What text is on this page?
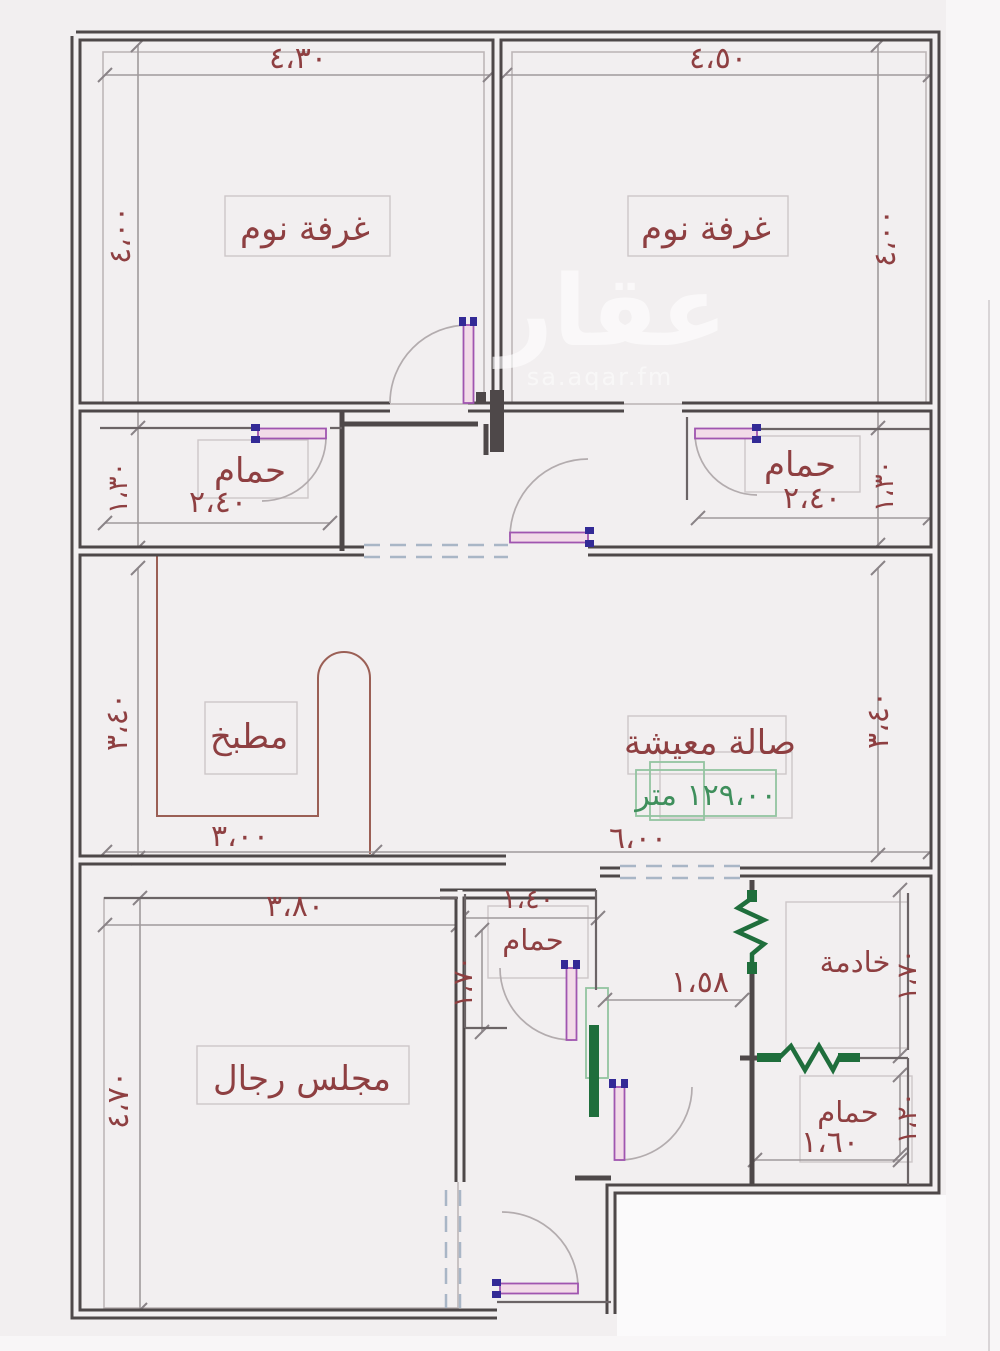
٤،٣٠	٤،٥٠
٤،٠٠	٤،٠٠
٢،٤٠
١،٣٠	٢،٤٠ ١،٣٠
٣،٠٠
٣،٤٠
٦،٠٠
٣،٤٠
٣،٨٠
٤،٧٠
١،٤٠
١،٧٠	١،٥٨	١،٧٠
١،٦٠ ١،٢٠
غرفة نوم	غرفة نوم
حمام	حمام
مطبخ	صالة معيشة
مجلس رجال
حمام
خادمة
حمام
١٢٩،٠٠ متر
عقار
sa.aqar.fm
